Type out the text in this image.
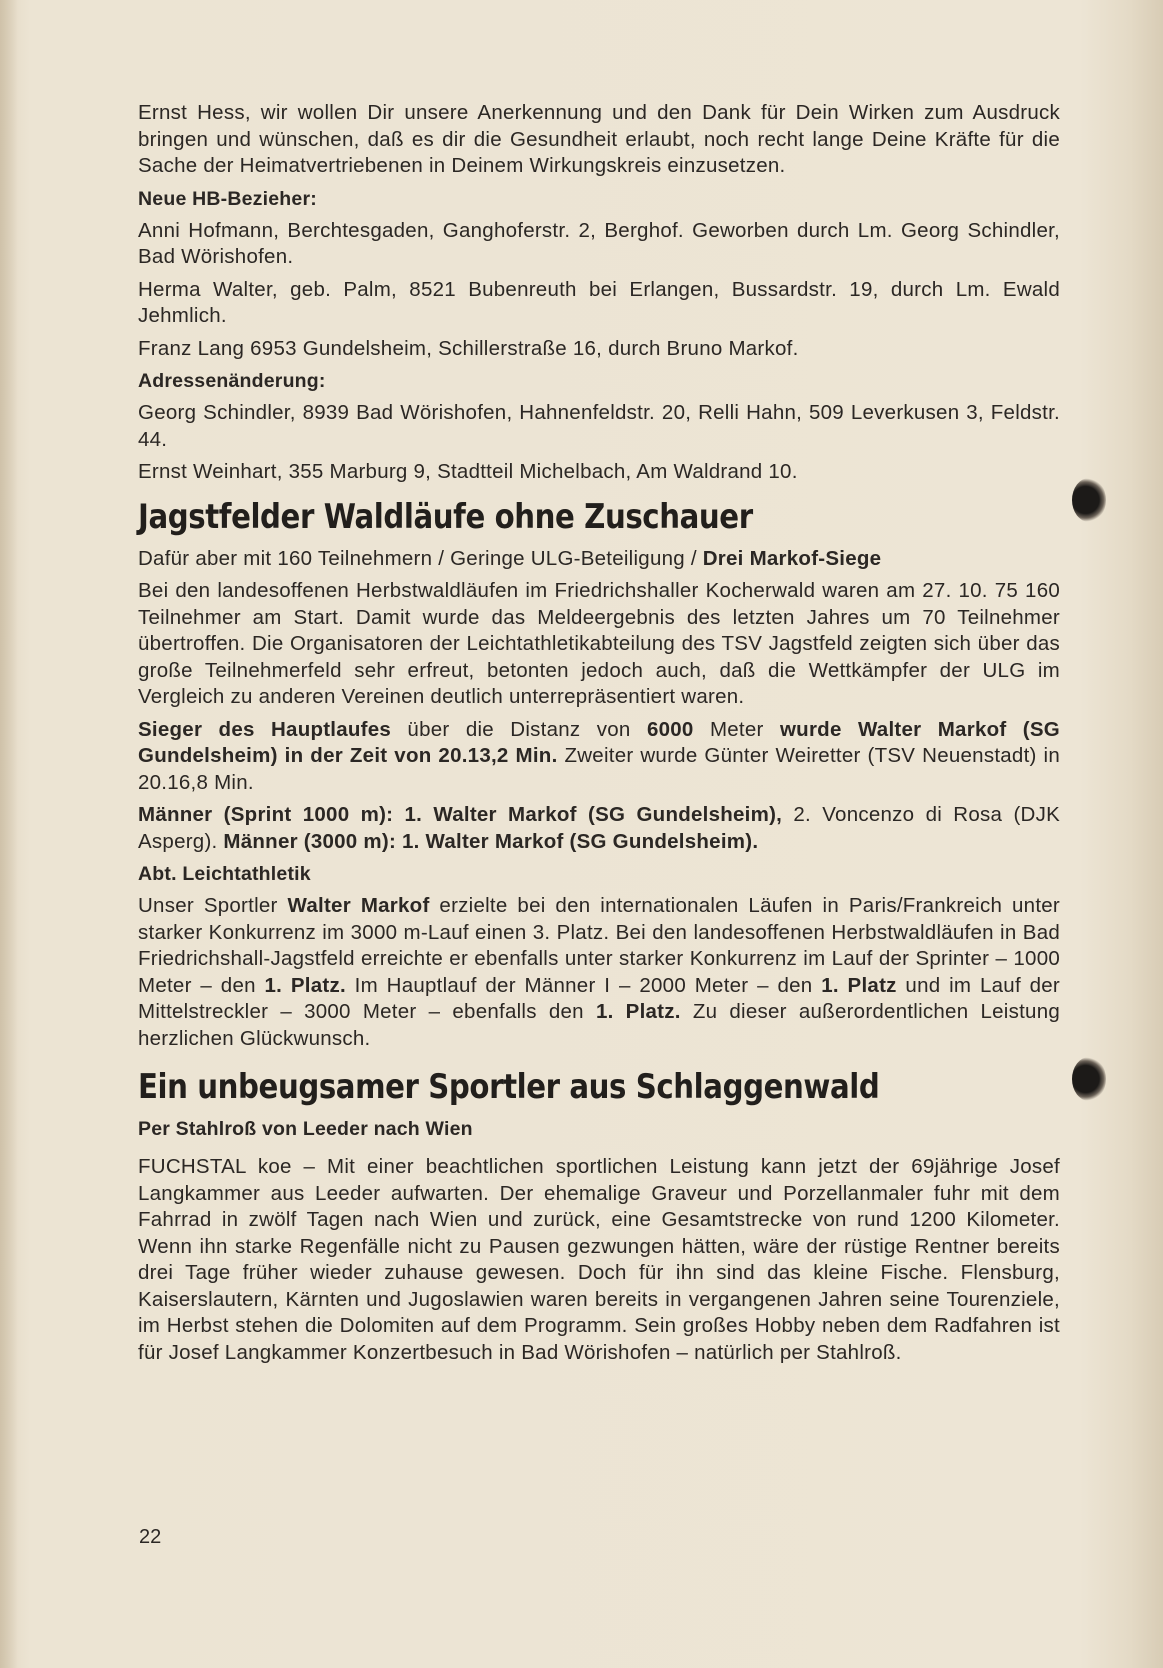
Ernst Hess, wir wollen Dir unsere Anerkennung und den Dank für Dein Wirken zum Ausdruck bringen und wünschen, daß es dir die Gesundheit erlaubt, noch recht lange Deine Kräfte für die Sache der Heimatvertriebenen in Deinem Wirkungskreis einzusetzen.

Neue HB-Bezieher:

Anni Hofmann, Berchtesgaden, Ganghoferstr. 2, Berghof. Geworben durch Lm. Georg Schindler, Bad Wörishofen.

Herma Walter, geb. Palm, 8521 Bubenreuth bei Erlangen, Bussardstr. 19, durch Lm. Ewald Jehmlich.

Franz Lang 6953 Gundelsheim, Schillerstraße 16, durch Bruno Markof.

Adressenänderung:

Georg Schindler, 8939 Bad Wörishofen, Hahnenfeldstr. 20, Relli Hahn, 509 Leverkusen 3, Feldstr. 44.

Ernst Weinhart, 355 Marburg 9, Stadtteil Michelbach, Am Waldrand 10.

Jagstfelder Waldläufe ohne Zuschauer

Dafür aber mit 160 Teilnehmern / Geringe ULG-Beteiligung / Drei Markof-Siege

Bei den landesoffenen Herbstwaldläufen im Friedrichshaller Kocherwald waren am 27. 10. 75 160 Teilnehmer am Start. Damit wurde das Meldeergebnis des letzten Jahres um 70 Teilnehmer übertroffen. Die Organisatoren der Leichtathletikabteilung des TSV Jagstfeld zeigten sich über das große Teilnehmerfeld sehr erfreut, betonten jedoch auch, daß die Wettkämpfer der ULG im Vergleich zu anderen Vereinen deutlich unterrepräsentiert waren.

Sieger des Hauptlaufes über die Distanz von 6000 Meter wurde Walter Markof (SG Gundelsheim) in der Zeit von 20.13,2 Min. Zweiter wurde Günter Weiretter (TSV Neuenstadt) in 20.16,8 Min.

Männer (Sprint 1000 m): 1. Walter Markof (SG Gundelsheim), 2. Voncenzo di Rosa (DJK Asperg). Männer (3000 m): 1. Walter Markof (SG Gundelsheim).

Abt. Leichtathletik

Unser Sportler Walter Markof erzielte bei den internationalen Läufen in Paris/Frankreich unter starker Konkurrenz im 3000 m-Lauf einen 3. Platz. Bei den landesoffenen Herbstwaldläufen in Bad Friedrichshall-Jagstfeld erreichte er ebenfalls unter starker Konkurrenz im Lauf der Sprinter – 1000 Meter – den 1. Platz. Im Hauptlauf der Männer I – 2000 Meter – den 1. Platz und im Lauf der Mittelstreckler – 3000 Meter – ebenfalls den 1. Platz. Zu dieser außerordentlichen Leistung herzlichen Glückwunsch.

Ein unbeugsamer Sportler aus Schlaggenwald
Per Stahlroß von Leeder nach Wien

FUCHSTAL koe – Mit einer beachtlichen sportlichen Leistung kann jetzt der 69jährige Josef Langkammer aus Leeder aufwarten. Der ehemalige Graveur und Porzellanmaler fuhr mit dem Fahrrad in zwölf Tagen nach Wien und zurück, eine Gesamtstrecke von rund 1200 Kilometer. Wenn ihn starke Regenfälle nicht zu Pausen gezwungen hätten, wäre der rüstige Rentner bereits drei Tage früher wieder zuhause gewesen. Doch für ihn sind das kleine Fische. Flensburg, Kaiserslautern, Kärnten und Jugoslawien waren bereits in vergangenen Jahren seine Tourenziele, im Herbst stehen die Dolomiten auf dem Programm. Sein großes Hobby neben dem Radfahren ist für Josef Langkammer Konzertbesuch in Bad Wörishofen – natürlich per Stahlroß.

22
